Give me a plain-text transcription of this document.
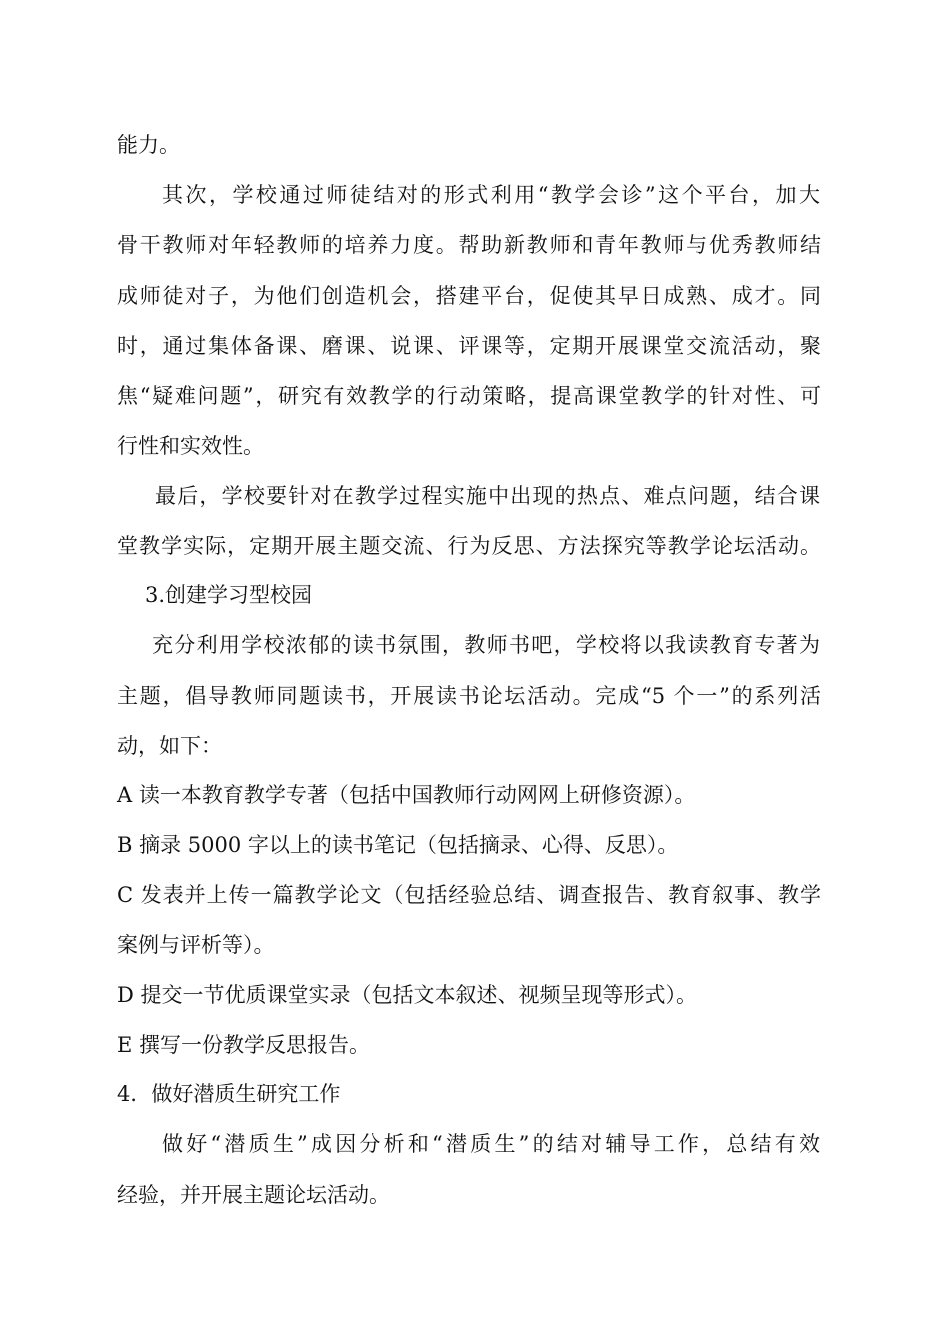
能力。
其次，学校通过师徒结对的形式利用“教学会诊”这个平台，加大
骨干教师对年轻教师的培养力度。帮助新教师和青年教师与优秀教师结
成师徒对子，为他们创造机会，搭建平台，促使其早日成熟、成才。同
时，通过集体备课、磨课、说课、评课等，定期开展课堂交流活动，聚
焦“疑难问题”，研究有效教学的行动策略，提高课堂教学的针对性、可
行性和实效性。
最后，学校要针对在教学过程实施中出现的热点、难点问题，结合课
堂教学实际，定期开展主题交流、行为反思、方法探究等教学论坛活动。
3.创建学习型校园
充分利用学校浓郁的读书氛围，教师书吧，学校将以我读教育专著为
主题，倡导教师同题读书，开展读书论坛活动。完成“5 个一”的系列活
动，如下：
A 读一本教育教学专著（包括中国教师行动网网上研修资源）。
B 摘录 5000 字以上的读书笔记（包括摘录、心得、反思）。
C 发表并上传一篇教学论文（包括经验总结、调查报告、教育叙事、教学
案例与评析等）。
D 提交一节优质课堂实录（包括文本叙述、视频呈现等形式）。
E 撰写一份教学反思报告。
4．做好潜质生研究工作
做好“潜质生”成因分析和“潜质生”的结对辅导工作，总结有效
经验，并开展主题论坛活动。
